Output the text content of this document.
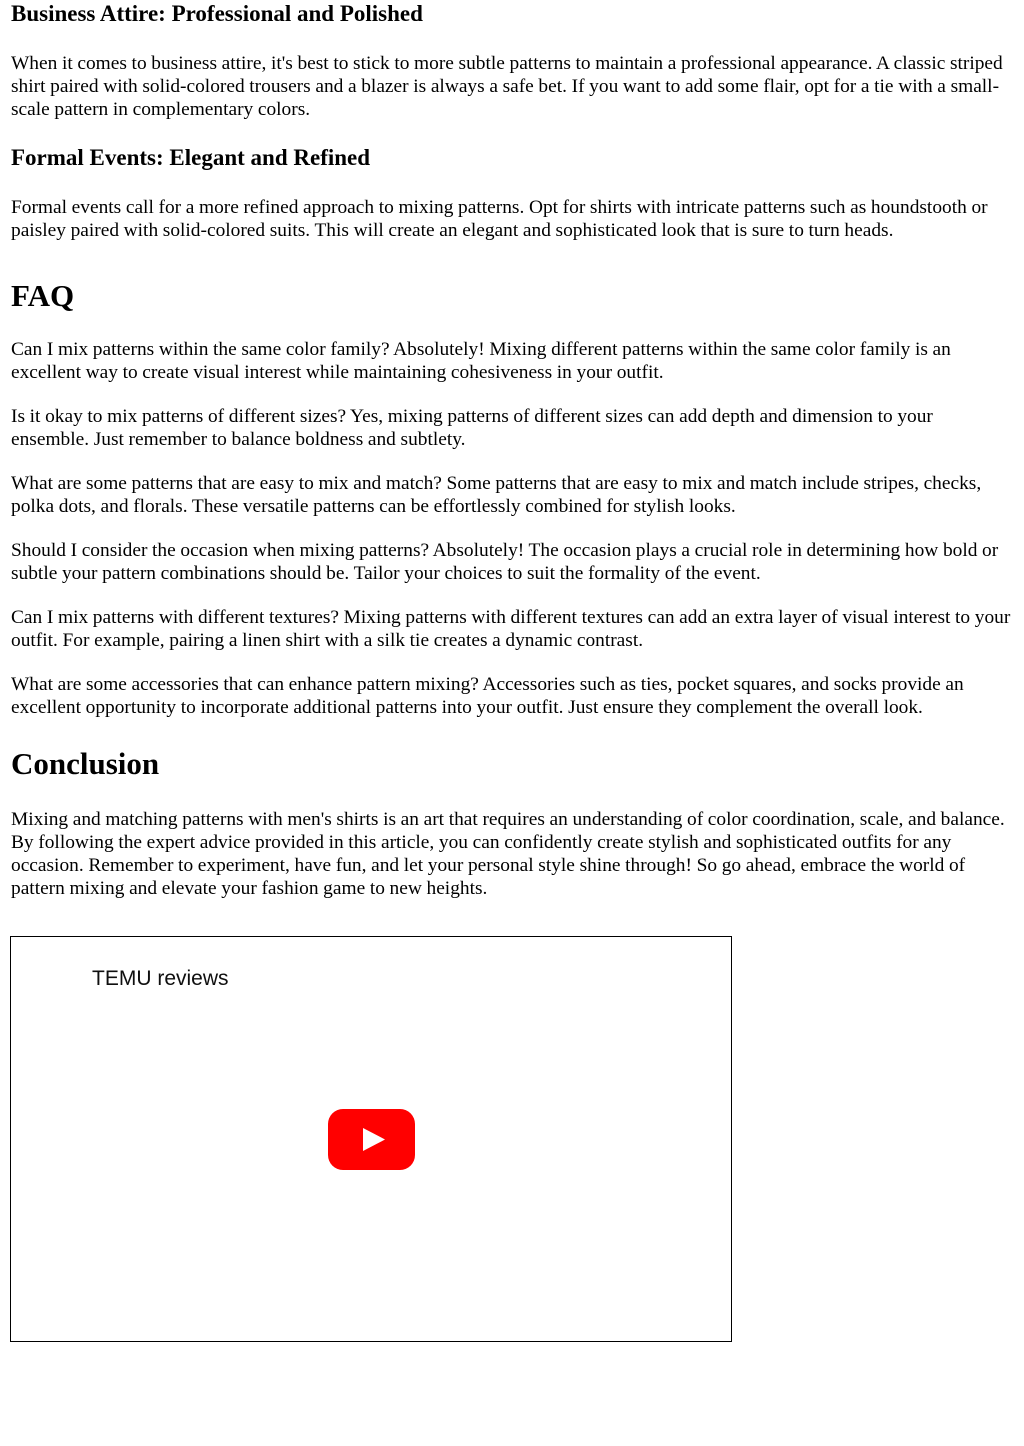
Business Attire: Professional and Polished

When it comes to business attire, it's best to stick to more subtle patterns to maintain a professional appearance. A classic striped shirt paired with solid-colored trousers and a blazer is always a safe bet. If you want to add some flair, opt for a tie with a small-scale pattern in complementary colors.

Formal Events: Elegant and Refined

Formal events call for a more refined approach to mixing patterns. Opt for shirts with intricate patterns such as houndstooth or paisley paired with solid-colored suits. This will create an elegant and sophisticated look that is sure to turn heads.

FAQ

Can I mix patterns within the same color family? Absolutely! Mixing different patterns within the same color family is an excellent way to create visual interest while maintaining cohesiveness in your outfit.

Is it okay to mix patterns of different sizes? Yes, mixing patterns of different sizes can add depth and dimension to your ensemble. Just remember to balance boldness and subtlety.

What are some patterns that are easy to mix and match? Some patterns that are easy to mix and match include stripes, checks, polka dots, and florals. These versatile patterns can be effortlessly combined for stylish looks.

Should I consider the occasion when mixing patterns? Absolutely! The occasion plays a crucial role in determining how bold or subtle your pattern combinations should be. Tailor your choices to suit the formality of the event.

Can I mix patterns with different textures? Mixing patterns with different textures can add an extra layer of visual interest to your outfit. For example, pairing a linen shirt with a silk tie creates a dynamic contrast.

What are some accessories that can enhance pattern mixing? Accessories such as ties, pocket squares, and socks provide an excellent opportunity to incorporate additional patterns into your outfit. Just ensure they complement the overall look.

Conclusion

Mixing and matching patterns with men's shirts is an art that requires an understanding of color coordination, scale, and balance. By following the expert advice provided in this article, you can confidently create stylish and sophisticated outfits for any occasion. Remember to experiment, have fun, and let your personal style shine through! So go ahead, embrace the world of pattern mixing and elevate your fashion game to new heights.

TEMU reviews
